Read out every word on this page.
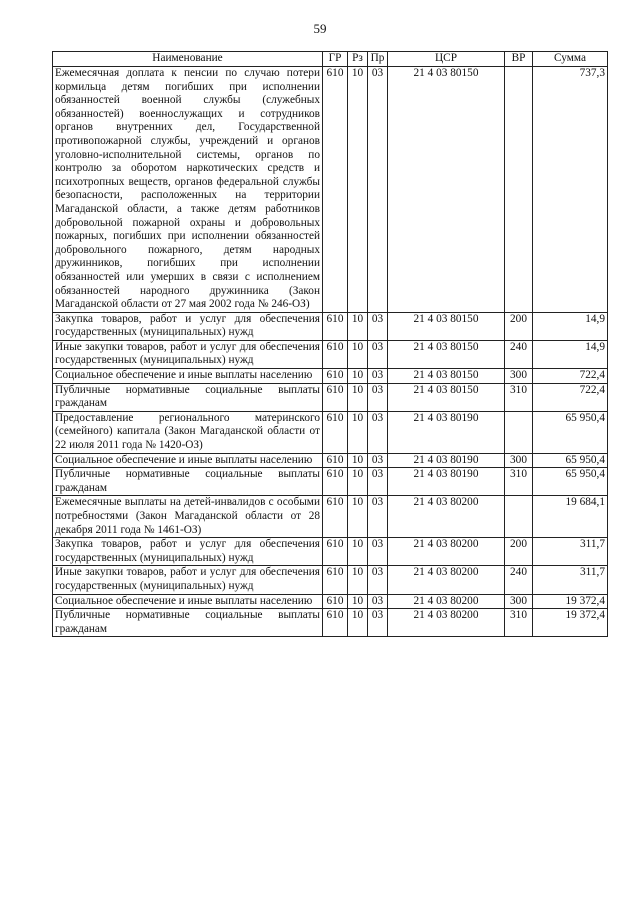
59
Наименование	ГР	Рз	Пр	ЦСР	ВР	Сумма
Ежемесячная доплата к пенсии по случаю потери кормильца детям погибших при исполнении обязанностей военной службы (служебных обязанностей) военнослужащих и сотрудников органов внутренних дел, Государственной противопожарной службы, учреждений и органов уголовно-исполнительной системы, органов по контролю за оборотом наркотических средств и психотропных веществ, органов федеральной службы безопасности, расположенных на территории Магаданской области, а также детям работников добровольной пожарной охраны и добровольных пожарных, погибших при исполнении обязанностей добровольного пожарного, детям народных дружинников, погибших при исполнении обязанностей или умерших в связи с исполнением обязанностей народного дружинника (Закон Магаданской области от 27 мая 2002 года № 246-ОЗ)	610	10	03	21 4 03 80150		737,3
Закупка товаров, работ и услуг для обеспечения государственных (муниципальных) нужд	610	10	03	21 4 03 80150	200	14,9
Иные закупки товаров, работ и услуг для обеспечения государственных (муниципальных) нужд	610	10	03	21 4 03 80150	240	14,9
Социальное обеспечение и иные выплаты населению	610	10	03	21 4 03 80150	300	722,4
Публичные нормативные социальные выплаты гражданам	610	10	03	21 4 03 80150	310	722,4
Предоставление регионального материнского (семейного) капитала (Закон Магаданской области от 22 июля 2011 года № 1420-ОЗ)	610	10	03	21 4 03 80190		65 950,4
Социальное обеспечение и иные выплаты населению	610	10	03	21 4 03 80190	300	65 950,4
Публичные нормативные социальные выплаты гражданам	610	10	03	21 4 03 80190	310	65 950,4
Ежемесячные выплаты на детей-инвалидов с особыми потребностями (Закон Магаданской области от 28 декабря 2011 года № 1461-ОЗ)	610	10	03	21 4 03 80200		19 684,1
Закупка товаров, работ и услуг для обеспечения государственных (муниципальных) нужд	610	10	03	21 4 03 80200	200	311,7
Иные закупки товаров, работ и услуг для обеспечения государственных (муниципальных) нужд	610	10	03	21 4 03 80200	240	311,7
Социальное обеспечение и иные выплаты населению	610	10	03	21 4 03 80200	300	19 372,4
Публичные нормативные социальные выплаты гражданам	610	10	03	21 4 03 80200	310	19 372,4
